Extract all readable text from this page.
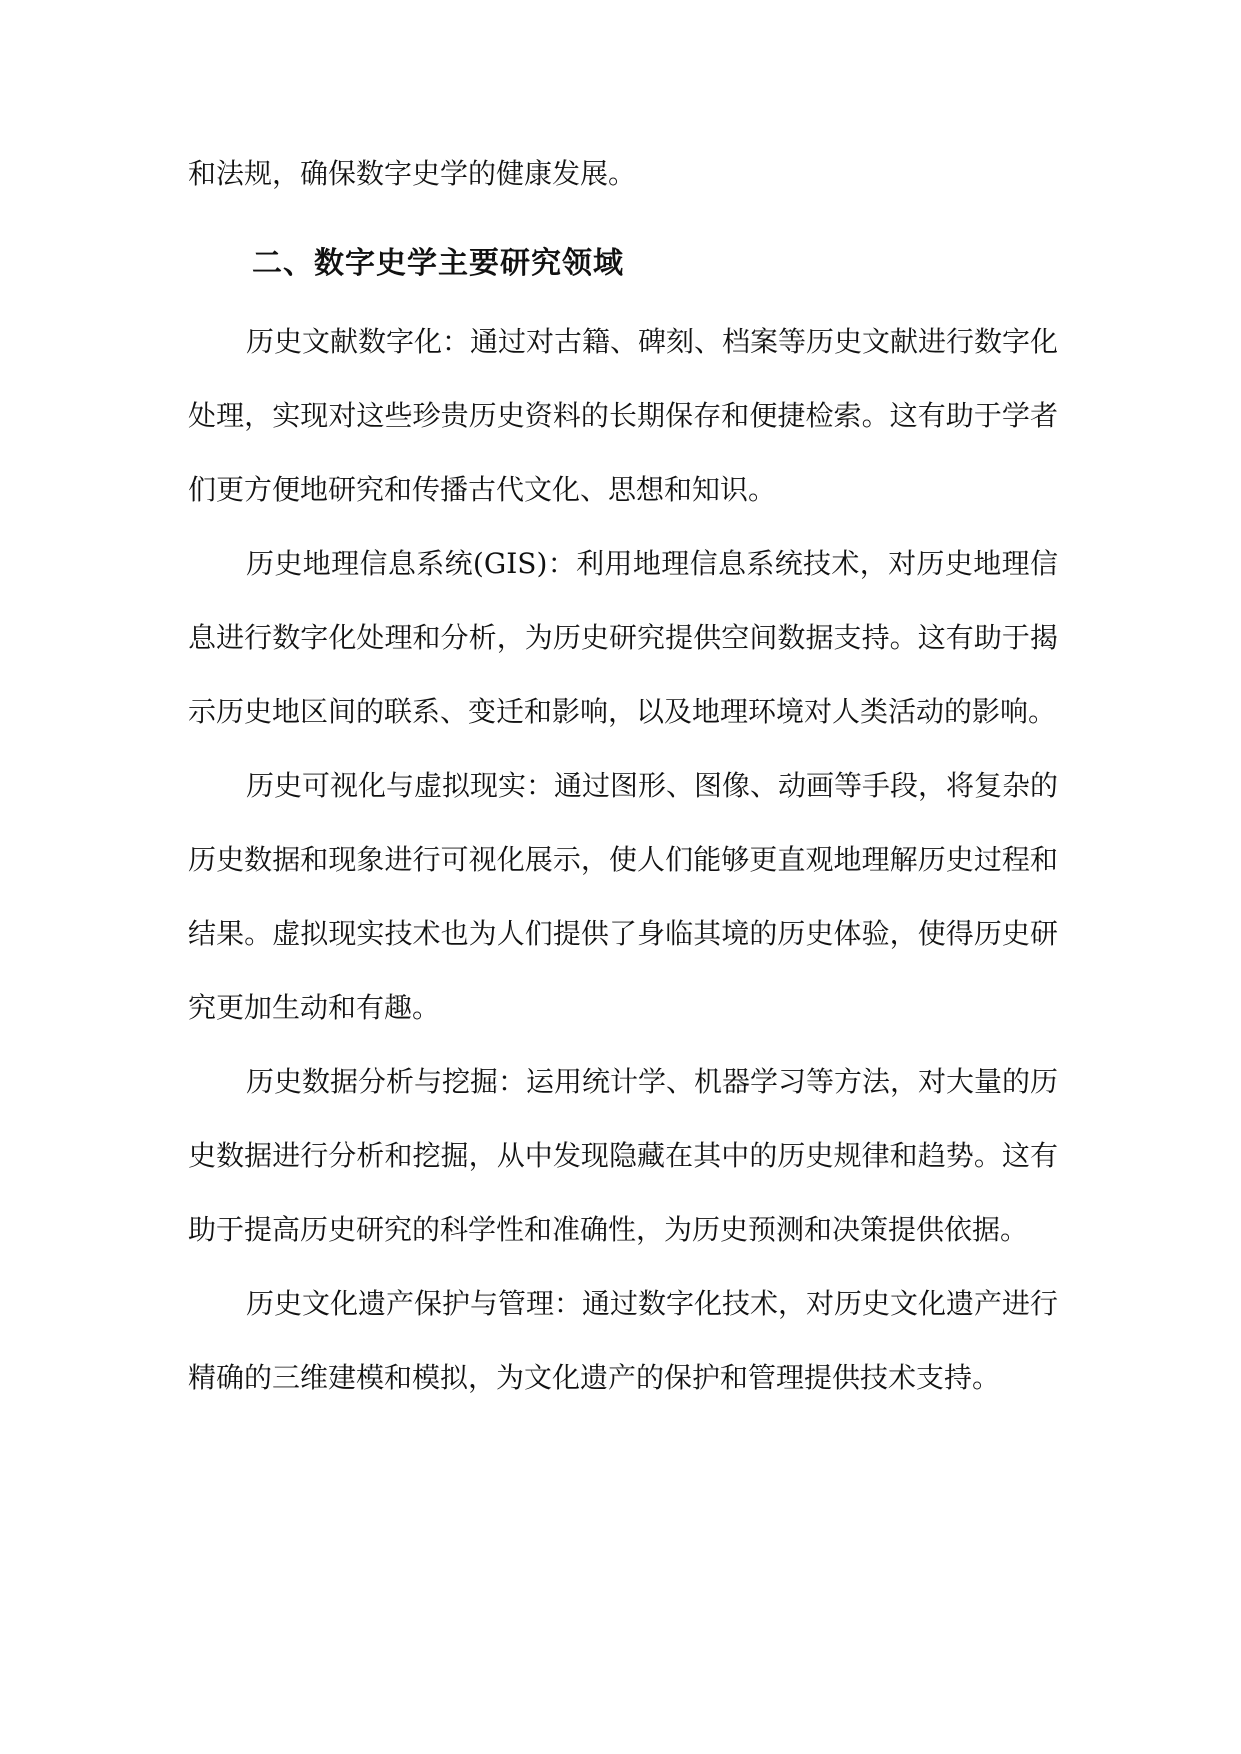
和法规，确保数字史学的健康发展。

二、数字史学主要研究领域

历史文献数字化：通过对古籍、碑刻、档案等历史文献进行数字化处理，实现对这些珍贵历史资料的长期保存和便捷检索。这有助于学者们更方便地研究和传播古代文化、思想和知识。

历史地理信息系统(GIS)：利用地理信息系统技术，对历史地理信息进行数字化处理和分析，为历史研究提供空间数据支持。这有助于揭示历史地区间的联系、变迁和影响，以及地理环境对人类活动的影响。

历史可视化与虚拟现实：通过图形、图像、动画等手段，将复杂的历史数据和现象进行可视化展示，使人们能够更直观地理解历史过程和结果。虚拟现实技术也为人们提供了身临其境的历史体验，使得历史研究更加生动和有趣。

历史数据分析与挖掘：运用统计学、机器学习等方法，对大量的历史数据进行分析和挖掘，从中发现隐藏在其中的历史规律和趋势。这有助于提高历史研究的科学性和准确性，为历史预测和决策提供依据。

历史文化遗产保护与管理：通过数字化技术，对历史文化遗产进行精确的三维建模和模拟，为文化遗产的保护和管理提供技术支持。
